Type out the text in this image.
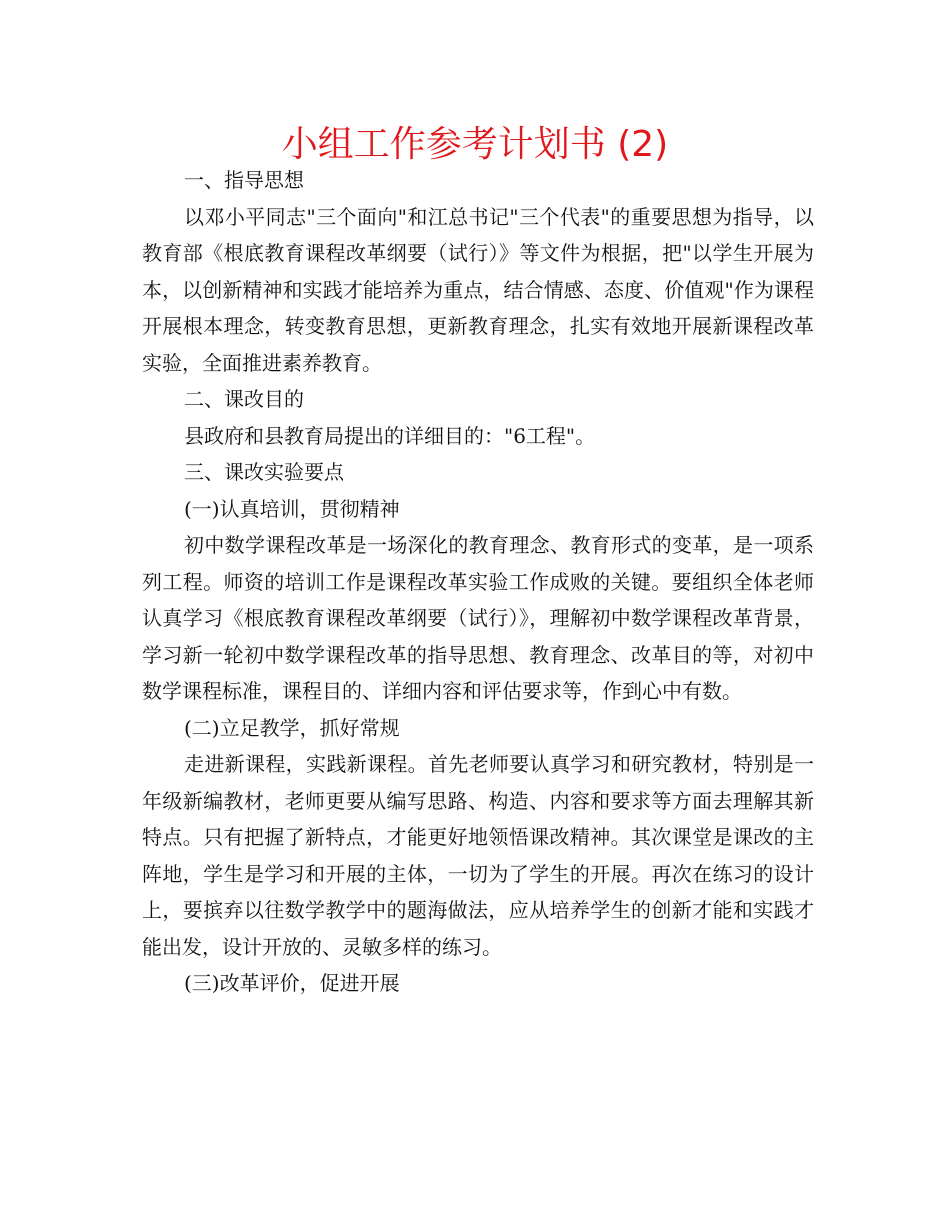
小组工作参考计划书 (2)

一、指导思想

以邓小平同志"三个面向"和江总书记"三个代表"的重要思想为指导，以教育部《根底教育课程改革纲要（试行）》等文件为根据，把"以学生开展为本，以创新精神和实践才能培养为重点，结合情感、态度、价值观"作为课程开展根本理念，转变教育思想，更新教育理念，扎实有效地开展新课程改革实验，全面推进素养教育。

二、课改目的

县政府和县教育局提出的详细目的："6工程"。

三、课改实验要点

(一)认真培训，贯彻精神

初中数学课程改革是一场深化的教育理念、教育形式的变革，是一项系列工程。师资的培训工作是课程改革实验工作成败的关键。要组织全体老师认真学习《根底教育课程改革纲要（试行）》，理解初中数学课程改革背景，学习新一轮初中数学课程改革的指导思想、教育理念、改革目的等，对初中数学课程标准，课程目的、详细内容和评估要求等，作到心中有数。

(二)立足教学，抓好常规

走进新课程，实践新课程。首先老师要认真学习和研究教材，特别是一年级新编教材，老师更要从编写思路、构造、内容和要求等方面去理解其新特点。只有把握了新特点，才能更好地领悟课改精神。其次课堂是课改的主阵地，学生是学习和开展的主体，一切为了学生的开展。再次在练习的设计上，要摈弃以往数学教学中的题海做法，应从培养学生的创新才能和实践才能出发，设计开放的、灵敏多样的练习。

(三)改革评价，促进开展
